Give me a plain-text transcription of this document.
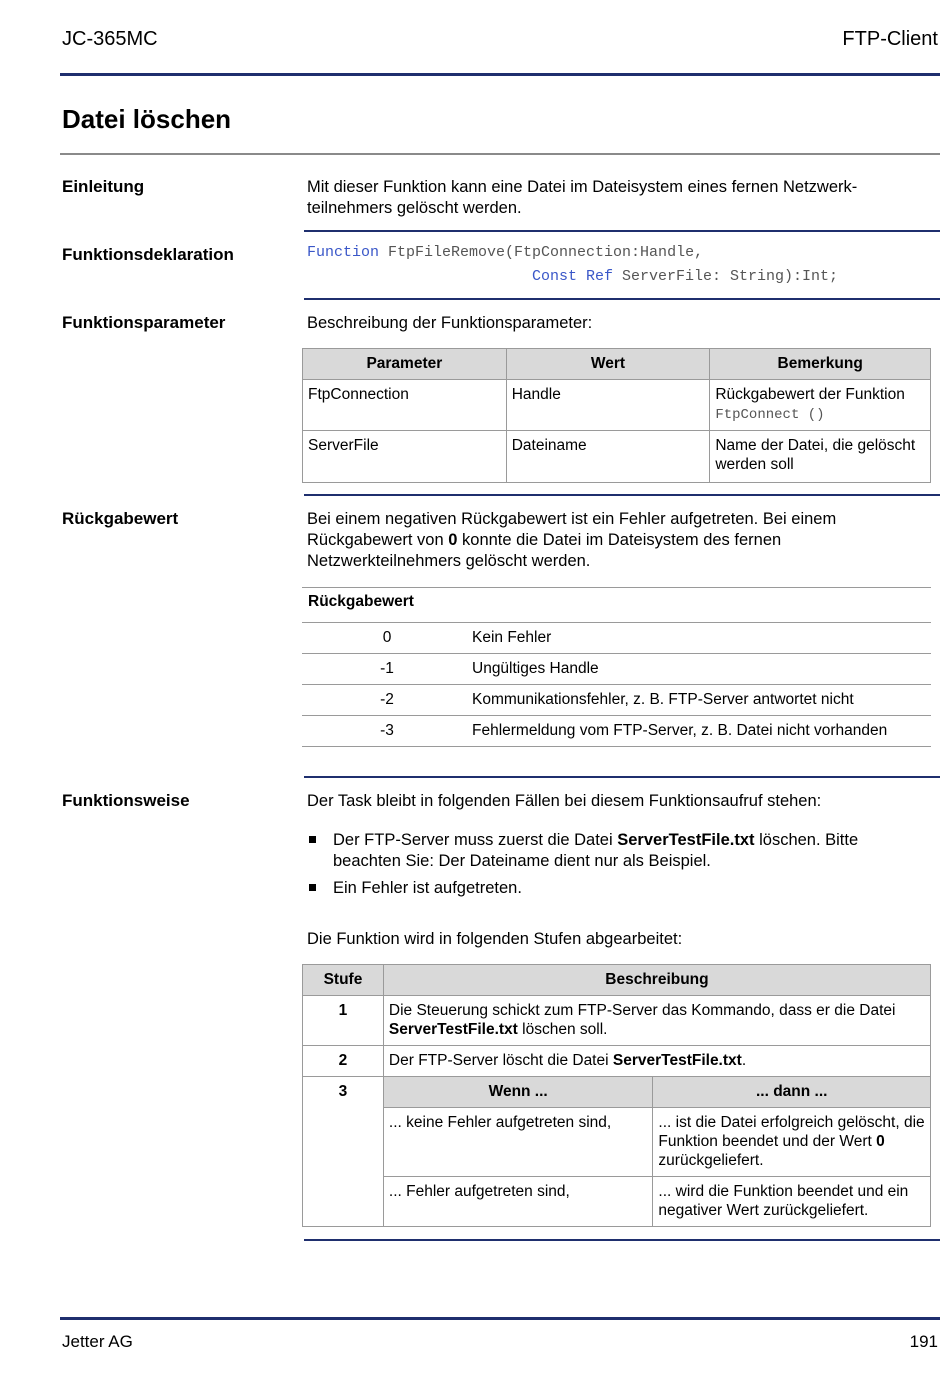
JC-365MC	FTP-Client
Datei löschen
Einleitung	Mit dieser Funktion kann eine Datei im Dateisystem eines fernen Netzwerk-teilnehmers gelöscht werden.
Funktionsdeklaration	Function FtpFileRemove(FtpConnection:Handle,
Const Ref ServerFile: String):Int;
Funktionsparameter	Beschreibung der Funktionsparameter:
Parameter	Wert	Bemerkung
FtpConnection	Handle	Rückgabewert der Funktion
FtpConnect ()
ServerFile	Dateiname	Name der Datei, die gelöscht werden soll
Rückgabewert	Bei einem negativen Rückgabewert ist ein Fehler aufgetreten. Bei einem Rückgabewert von 0 konnte die Datei im Dateisystem des fernen Netzwerkteilnehmers gelöscht werden.
Rückgabewert
0	Kein Fehler
-1	Ungültiges Handle
-2	Kommunikationsfehler, z. B. FTP-Server antwortet nicht
-3	Fehlermeldung vom FTP-Server, z. B. Datei nicht vorhanden
Funktionsweise	Der Task bleibt in folgenden Fällen bei diesem Funktionsaufruf stehen:
Der FTP-Server muss zuerst die Datei ServerTestFile.txt löschen. Bitte beachten Sie: Der Dateiname dient nur als Beispiel.
Ein Fehler ist aufgetreten.
Die Funktion wird in folgenden Stufen abgearbeitet:
Stufe	Beschreibung	
1	Die Steuerung schickt zum FTP-Server das Kommando, dass er die Datei ServerTestFile.txt löschen soll.	
2	Der FTP-Server löscht die Datei ServerTestFile.txt.	
3	Wenn ...	... dann ...
	... keine Fehler aufgetreten sind,	... ist die Datei erfolgreich gelöscht, die Funktion beendet und der Wert 0 zurückgeliefert.
	... Fehler aufgetreten sind,	... wird die Funktion beendet und ein negativer Wert zurückgeliefert.
Jetter AG	191
